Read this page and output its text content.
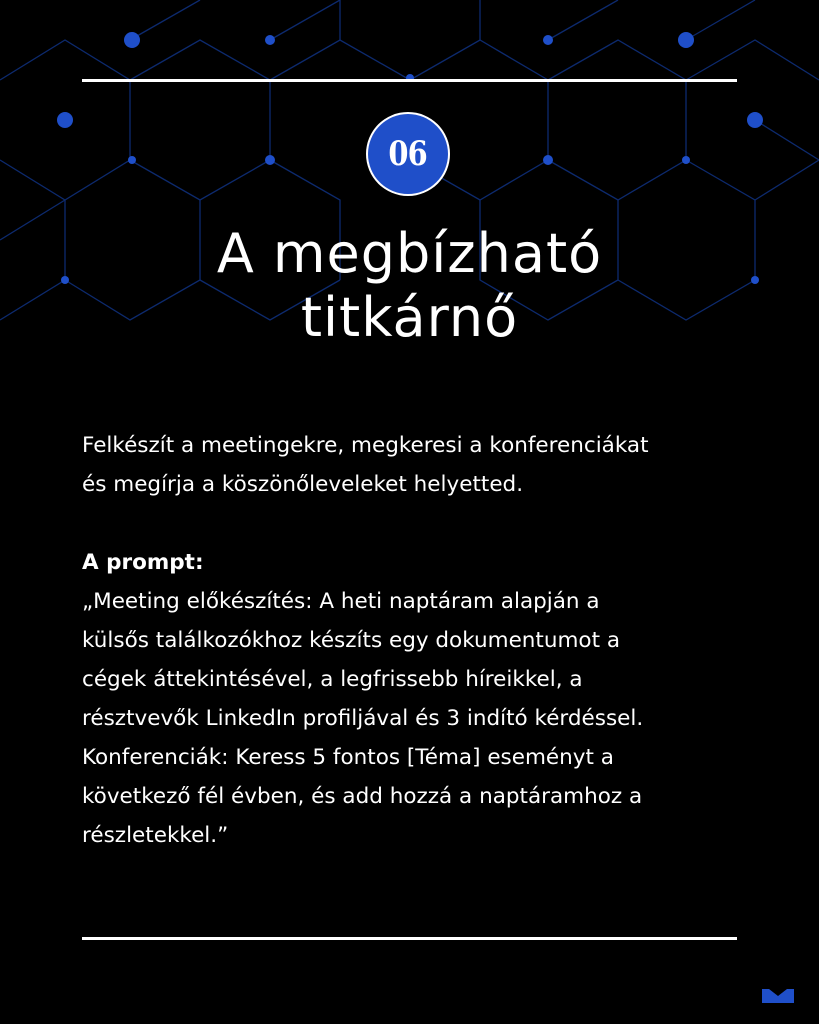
06
A megbízható
titkárnő

Felkészít a meetingekre, megkeresi a konferenciákat
és megírja a köszönőleveleket helyetted.

A prompt:
„Meeting előkészítés: A heti naptáram alapján a
külsős találkozókhoz készíts egy dokumentumot a
cégek áttekintésével, a legfrissebb híreikkel, a
résztvevők LinkedIn profiljával és 3 indító kérdéssel.
Konferenciák: Keress 5 fontos [Téma] eseményt a
következő fél évben, és add hozzá a naptáramhoz a
részletekkel.”
